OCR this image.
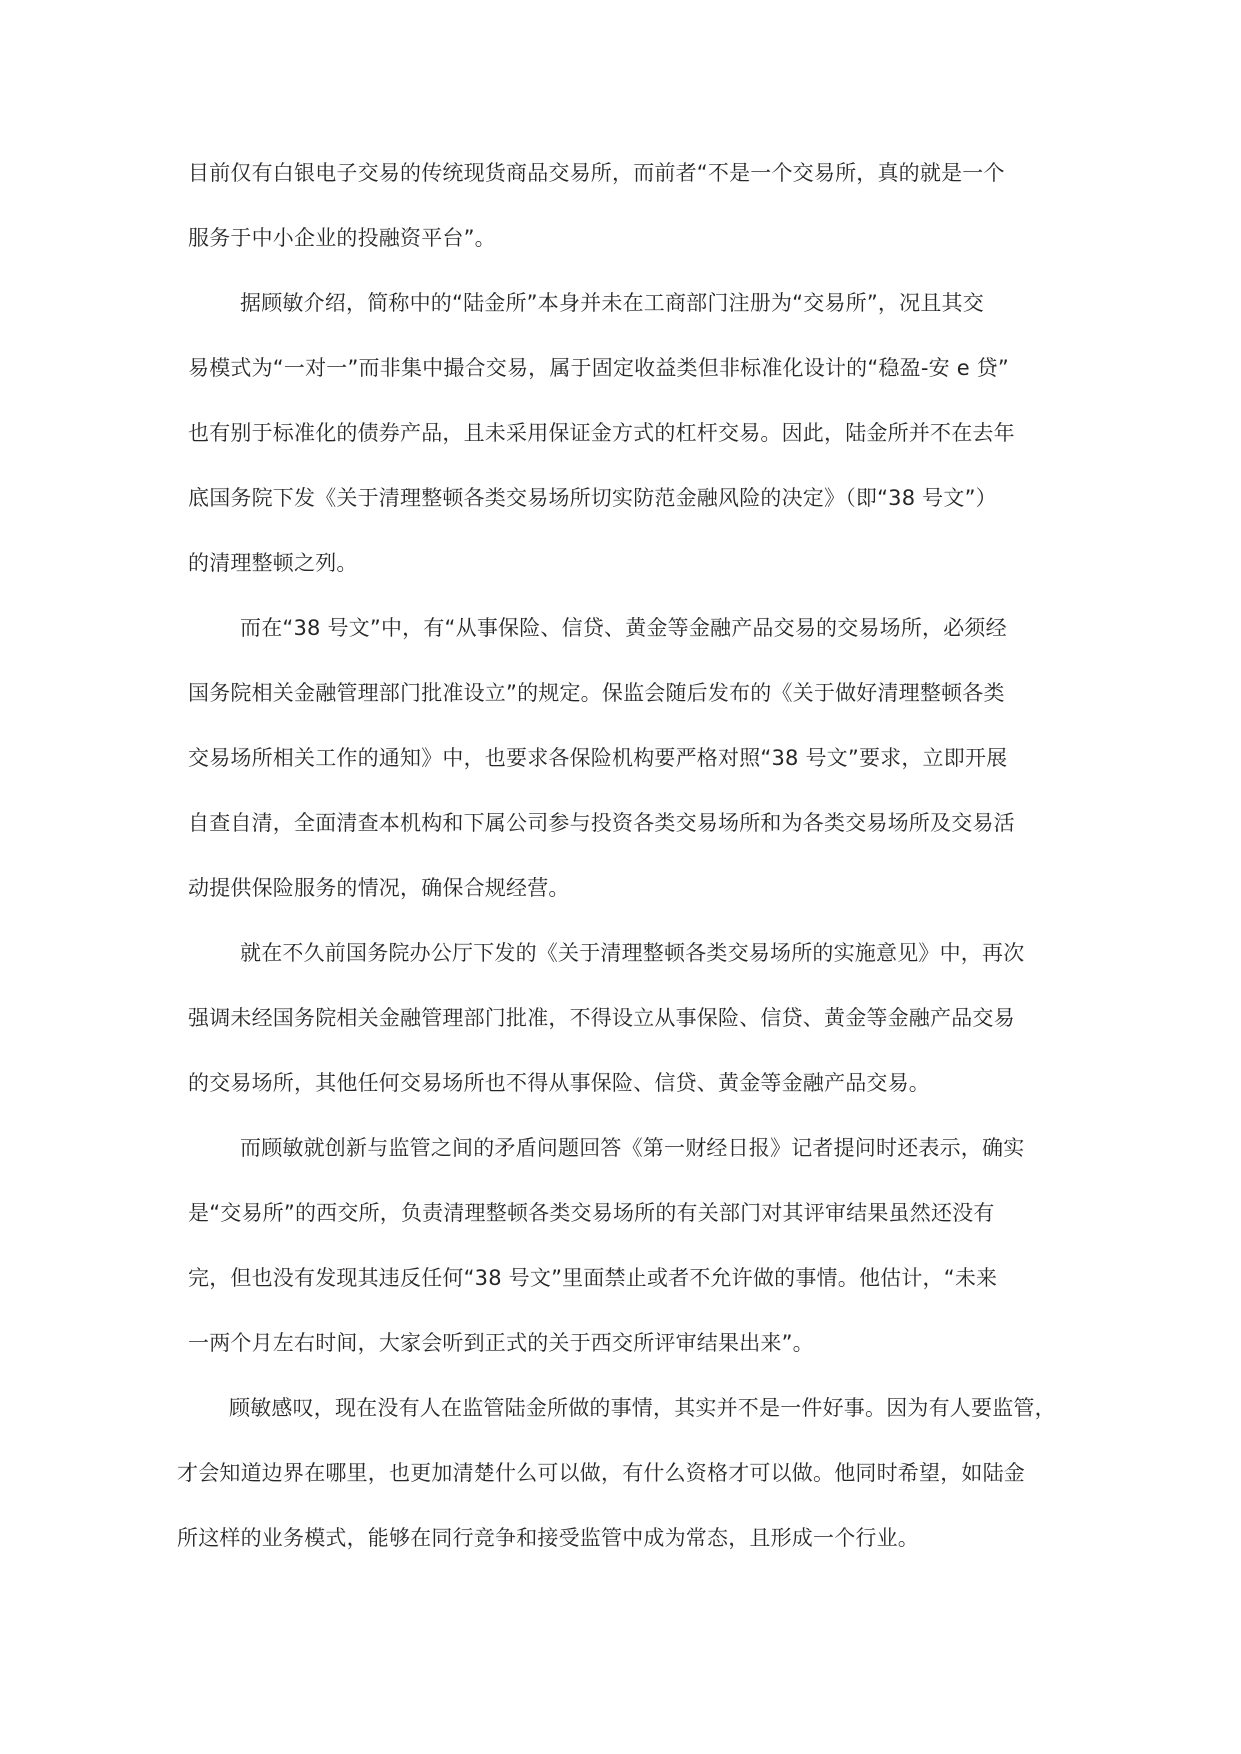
目前仅有白银电子交易的传统现货商品交易所，而前者“不是一个交易所，真的就是一个
服务于中小企业的投融资平台”。
据顾敏介绍，简称中的“陆金所”本身并未在工商部门注册为“交易所”，况且其交
易模式为“一对一”而非集中撮合交易，属于固定收益类但非标准化设计的“稳盈-安 e 贷”
也有别于标准化的债券产品，且未采用保证金方式的杠杆交易。因此，陆金所并不在去年
底国务院下发《关于清理整顿各类交易场所切实防范金融风险的决定》（即“38 号文”）
的清理整顿之列。
而在“38 号文”中，有“从事保险、信贷、黄金等金融产品交易的交易场所，必须经
国务院相关金融管理部门批准设立”的规定。保监会随后发布的《关于做好清理整顿各类
交易场所相关工作的通知》中，也要求各保险机构要严格对照“38 号文”要求，立即开展
自查自清，全面清查本机构和下属公司参与投资各类交易场所和为各类交易场所及交易活
动提供保险服务的情况，确保合规经营。
就在不久前国务院办公厅下发的《关于清理整顿各类交易场所的实施意见》中，再次
强调未经国务院相关金融管理部门批准，不得设立从事保险、信贷、黄金等金融产品交易
的交易场所，其他任何交易场所也不得从事保险、信贷、黄金等金融产品交易。
而顾敏就创新与监管之间的矛盾问题回答《第一财经日报》记者提问时还表示，确实
是“交易所”的西交所，负责清理整顿各类交易场所的有关部门对其评审结果虽然还没有
完，但也没有发现其违反任何“38 号文”里面禁止或者不允许做的事情。他估计，“未来
一两个月左右时间，大家会听到正式的关于西交所评审结果出来”。
顾敏感叹，现在没有人在监管陆金所做的事情，其实并不是一件好事。因为有人要监管，
才会知道边界在哪里，也更加清楚什么可以做，有什么资格才可以做。他同时希望，如陆金
所这样的业务模式，能够在同行竞争和接受监管中成为常态，且形成一个行业。
